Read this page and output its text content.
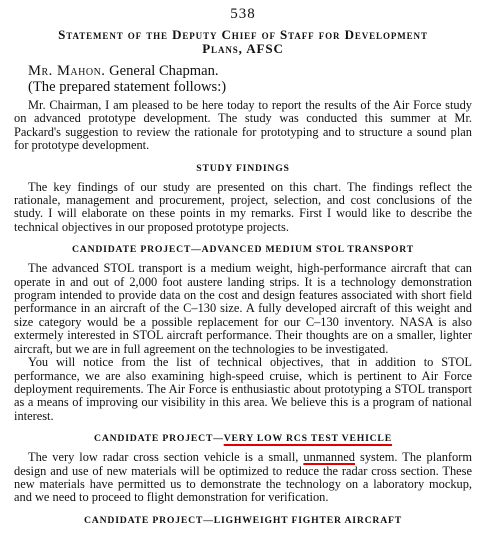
538
Statement of the Deputy Chief of Staff for Development
Plans, AFSC
Mr. Mahon. General Chapman.
(The prepared statement follows:)

Mr. Chairman, I am pleased to be here today to report the results of the Air Force study on advanced prototype development. The study was conducted this summer at Mr. Packard's suggestion to review the rationale for prototyping and to structure a sound plan for prototype development.

STUDY FINDINGS

The key findings of our study are presented on this chart. The findings reflect the rationale, management and procurement, project, selection, and cost conclusions of the study. I will elaborate on these points in my remarks. First I would like to describe the technical objectives in our proposed prototype projects.

CANDIDATE PROJECT—ADVANCED MEDIUM STOL TRANSPORT

The advanced STOL transport is a medium weight, high-performance aircraft that can operate in and out of 2,000 foot austere landing strips. It is a technology demonstration program intended to provide data on the cost and design features associated with short field performance in an aircraft of the C–130 size. A fully developed aircraft of this weight and size category would be a possible replacement for our C–130 inventory. NASA is also extermely interested in STOL aircraft performance. Their thoughts are on a smaller, lighter aircraft, but we are in full agreement on the technologies to be investigated.

You will notice from the list of technical objectives, that in addition to STOL performance, we are also examining high-speed cruise, which is pertinent to Air Force deployment requirements. The Air Force is enthusiastic about prototyping a STOL transport as a means of improving our visibility in this area. We believe this is a program of national interest.

CANDIDATE PROJECT—VERY LOW RCS TEST VEHICLE

The very low radar cross section vehicle is a small, unmanned system. The planform design and use of new materials will be optimized to reduce the radar cross section. These new materials have permitted us to demonstrate the technology on a laboratory mockup, and we need to proceed to flight demonstration for verification.

CANDIDATE PROJECT—LIGHWEIGHT FIGHTER AIRCRAFT
